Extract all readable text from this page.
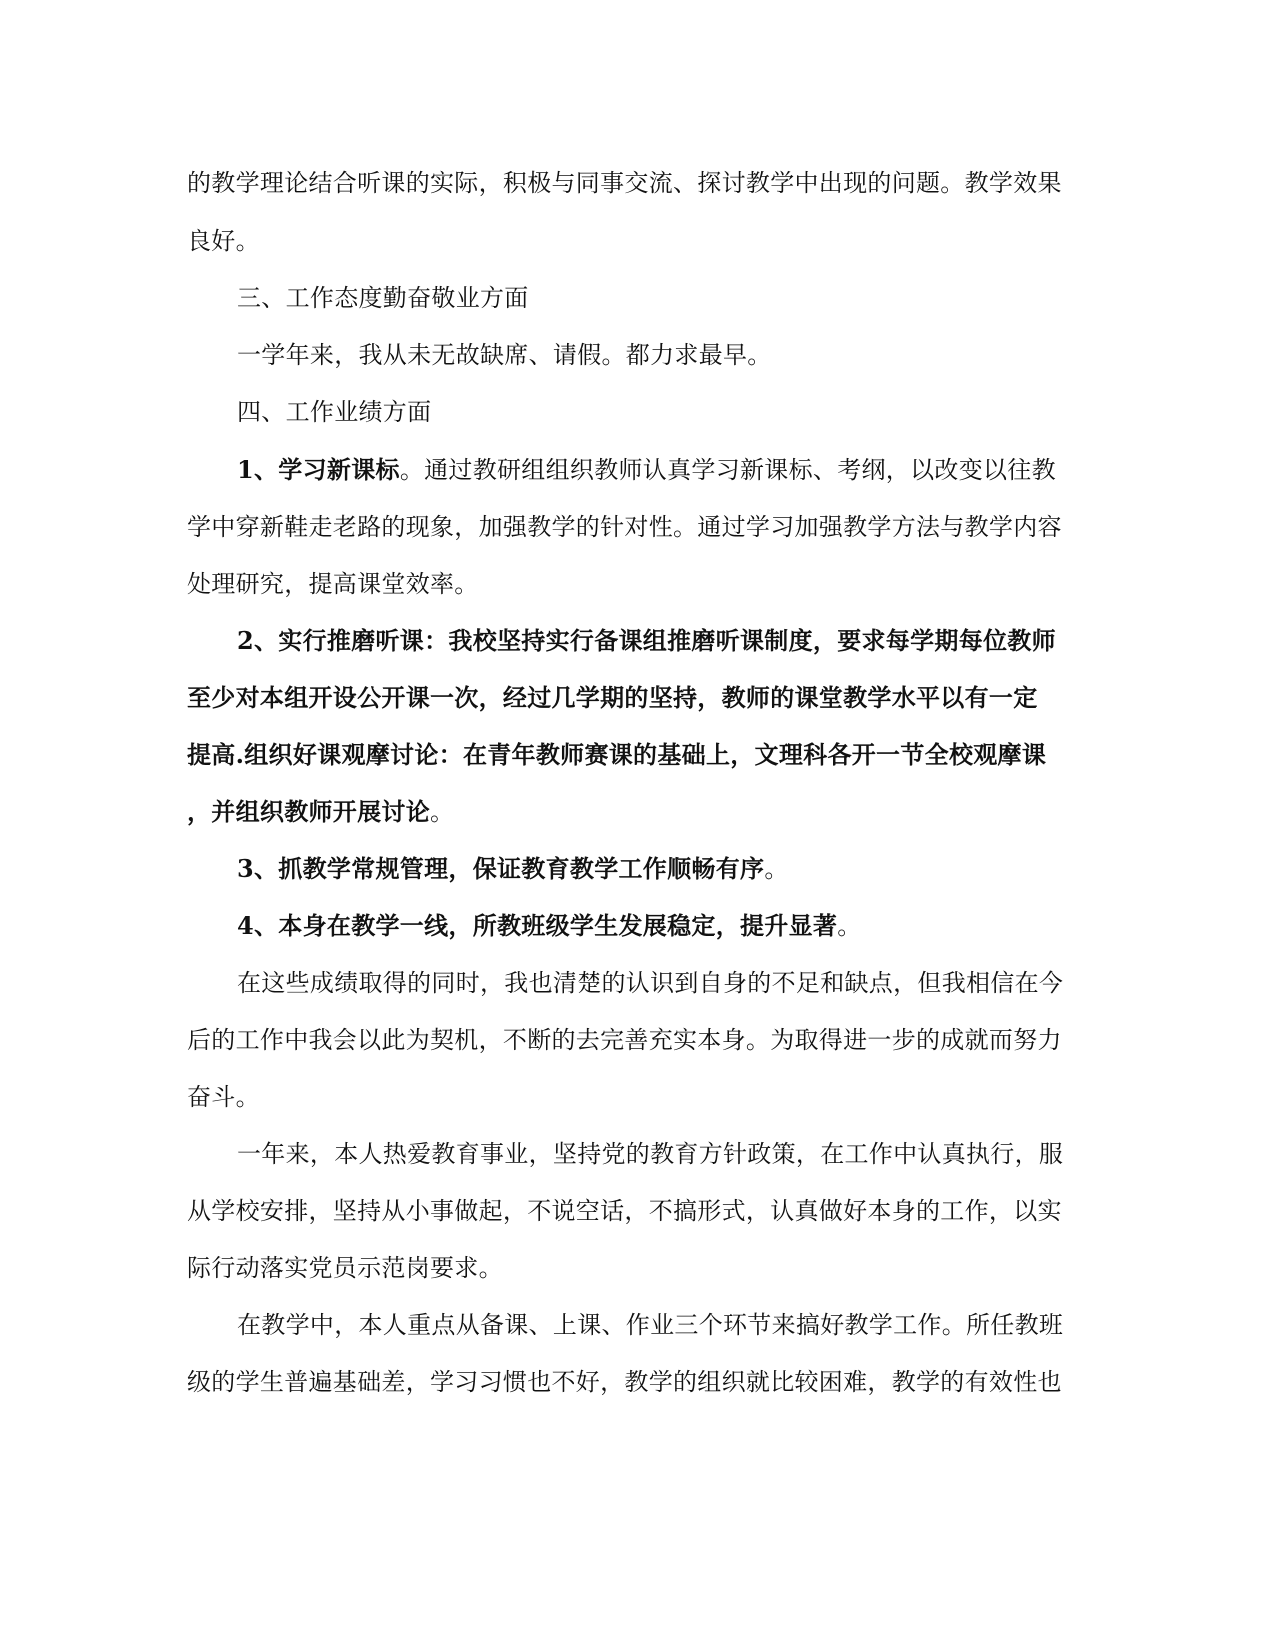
的教学理论结合听课的实际，积极与同事交流、探讨教学中出现的问题。教学效果
良好。
三、工作态度勤奋敬业方面
一学年来，我从未无故缺席、请假。都力求最早。
四、工作业绩方面
1、学习新课标。通过教研组组织教师认真学习新课标、考纲，以改变以往教
学中穿新鞋走老路的现象，加强教学的针对性。通过学习加强教学方法与教学内容
处理研究，提高课堂效率。
2、实行推磨听课：我校坚持实行备课组推磨听课制度，要求每学期每位教师
至少对本组开设公开课一次，经过几学期的坚持，教师的课堂教学水平以有一定
提高.组织好课观摩讨论：在青年教师赛课的基础上，文理科各开一节全校观摩课
，并组织教师开展讨论。
3、抓教学常规管理，保证教育教学工作顺畅有序。
4、本身在教学一线，所教班级学生发展稳定，提升显著。
在这些成绩取得的同时，我也清楚的认识到自身的不足和缺点，但我相信在今
后的工作中我会以此为契机，不断的去完善充实本身。为取得进一步的成就而努力
奋斗。
一年来，本人热爱教育事业，坚持党的教育方针政策，在工作中认真执行，服
从学校安排，坚持从小事做起，不说空话，不搞形式，认真做好本身的工作，以实
际行动落实党员示范岗要求。
在教学中，本人重点从备课、上课、作业三个环节来搞好教学工作。所任教班
级的学生普遍基础差，学习习惯也不好，教学的组织就比较困难，教学的有效性也
